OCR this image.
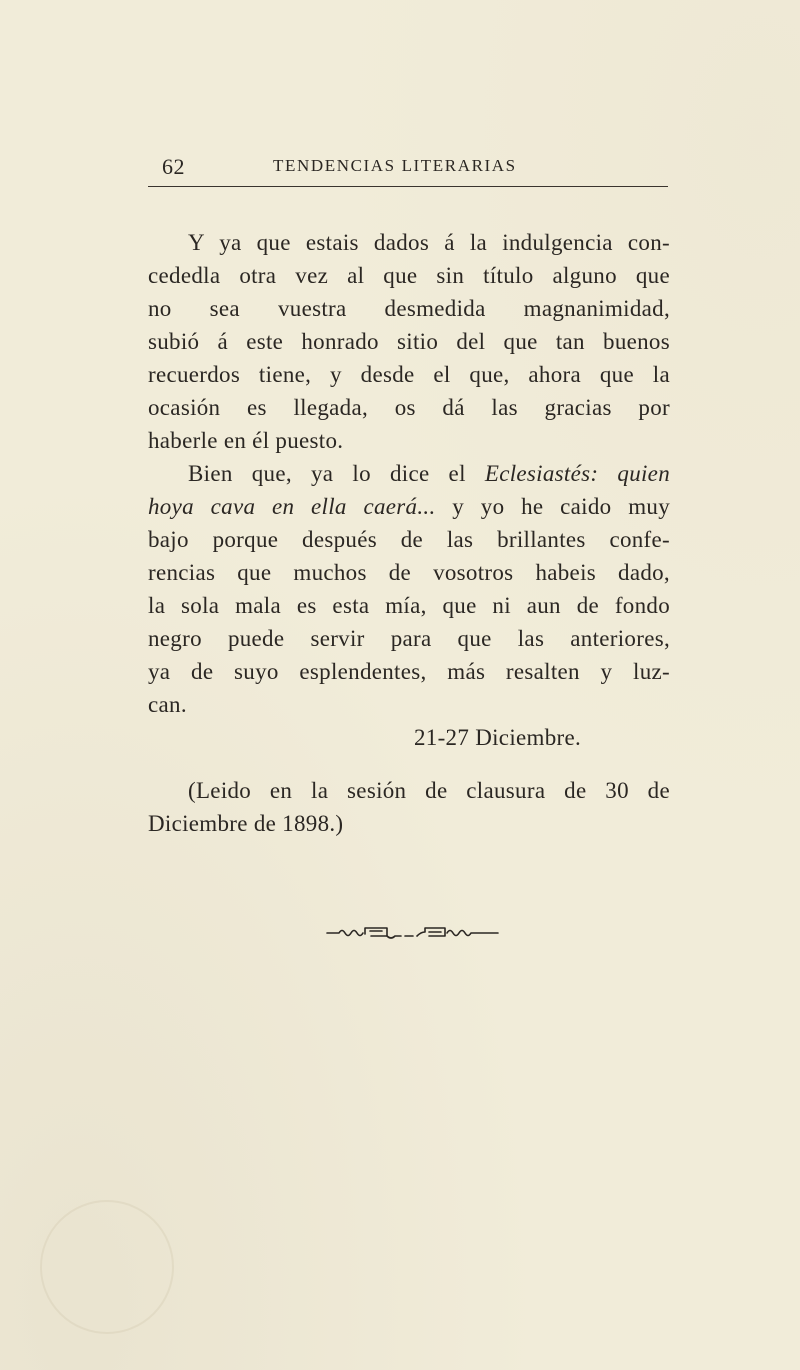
62	TENDENCIAS LITERARIAS
Y ya que estais dados á la indulgencia con-
cededla otra vez al que sin título alguno que
no sea vuestra desmedida magnanimidad,
subió á este honrado sitio del que tan buenos
recuerdos tiene, y desde el que, ahora que la
ocasión es llegada, os dá las gracias por
haberle en él puesto.
Bien que, ya lo dice el Eclesiastés: quien
hoya cava en ella caerá... y yo he caido muy
bajo porque después de las brillantes confe-
rencias que muchos de vosotros habeis dado,
la sola mala es esta mía, que ni aun de fondo
negro puede servir para que las anteriores,
ya de suyo esplendentes, más resalten y luz-
can.
21-27 Diciembre.
(Leido en la sesión de clausura de 30 de
Diciembre de 1898.)
